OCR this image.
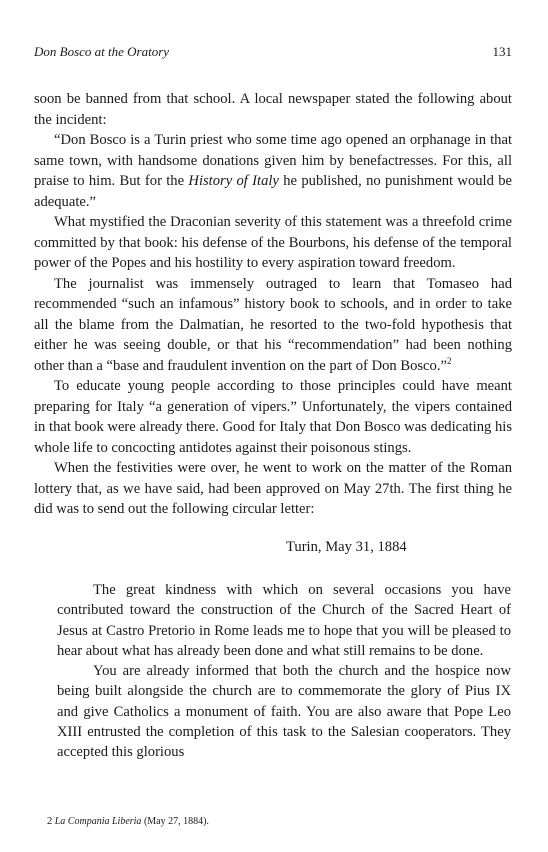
Don Bosco at the Oratory	131

soon be banned from that school. A local newspaper stated the following about the incident:

“Don Bosco is a Turin priest who some time ago opened an orphanage in that same town, with handsome donations given him by benefactresses. For this, all praise to him. But for the History of Italy he published, no punishment would be adequate.”

What mystified the Draconian severity of this statement was a threefold crime committed by that book: his defense of the Bourbons, his defense of the temporal power of the Popes and his hostility to every aspiration toward freedom.

The journalist was immensely outraged to learn that Tomaseo had recommended “such an infamous” history book to schools, and in order to take all the blame from the Dalmatian, he resorted to the two-fold hypothesis that either he was seeing double, or that his “recommendation” had been nothing other than a “base and fraudulent invention on the part of Don Bosco.”$^2$

To educate young people according to those principles could have meant preparing for Italy “a generation of vipers.” Unfortunately, the vipers contained in that book were already there. Good for Italy that Don Bosco was dedicating his whole life to concocting antidotes against their poisonous stings.

When the festivities were over, he went to work on the matter of the Roman lottery that, as we have said, had been approved on May 27th. The first thing he did was to send out the following circular letter:

Turin, May 31, 1884

The great kindness with which on several occasions you have contributed toward the construction of the Church of the Sacred Heart of Jesus at Castro Pretorio in Rome leads me to hope that you will be pleased to hear about what has already been done and what still remains to be done.

You are already informed that both the church and the hospice now being built alongside the church are to commemorate the glory of Pius IX and give Catholics a monument of faith. You are also aware that Pope Leo XIII entrusted the completion of this task to the Salesian cooperators. They accepted this glorious

2 La Compania Liberia (May 27, 1884).
